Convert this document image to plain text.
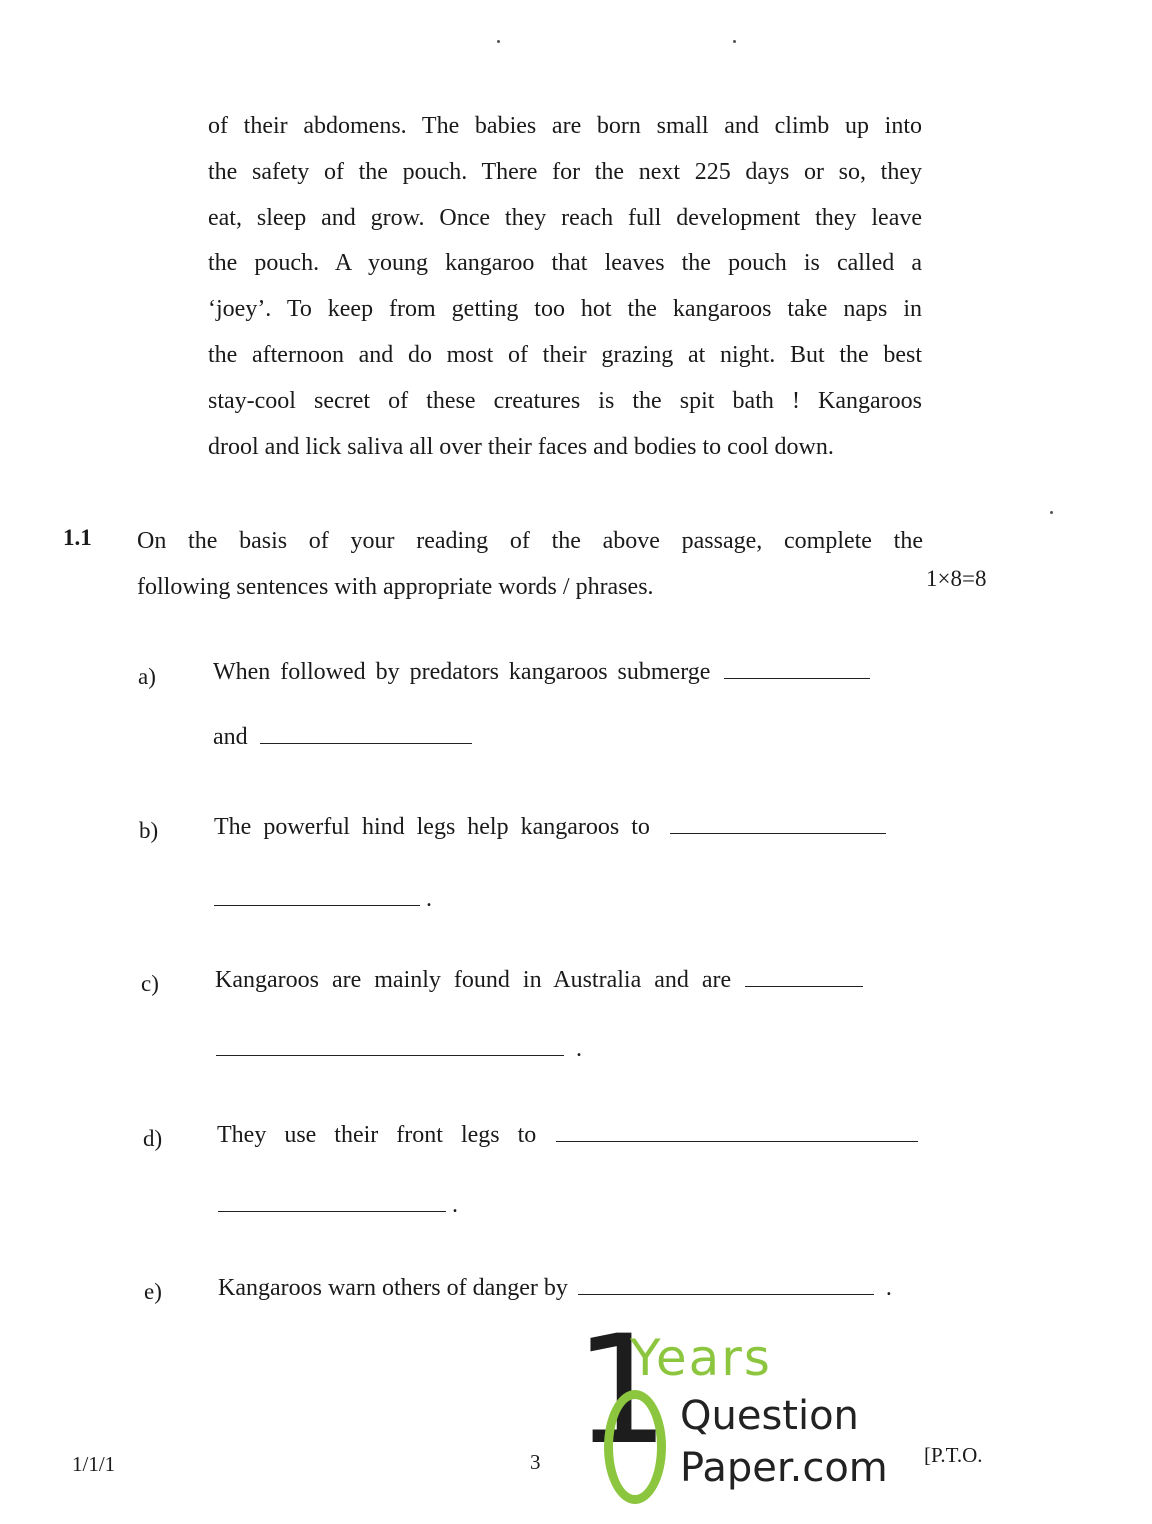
of their abdomens. The babies are born small and climb up into
the safety of the pouch. There for the next 225 days or so, they
eat, sleep and grow. Once they reach full development they leave
the pouch. A young kangaroo that leaves the pouch is called a
‘joey’. To keep from getting too hot the kangaroos take naps in
the afternoon and do most of their grazing at night. But the best
stay-cool secret of these creatures is the spit bath ! Kangaroos
drool and lick saliva all over their faces and bodies to cool down.
1.1 On the basis of your reading of the above passage, complete the
following sentences with appropriate words / phrases.	1×8=8
a) When followed by predators kangaroos submerge
and
b) The powerful hind legs help kangaroos to
.
c) Kangaroos are mainly found in Australia and are
.
d) They use their front legs to
.
e) Kangaroos warn others of danger by	.
1/1/1	3	[P.T.O.
1
Years
Question
Paper.com
